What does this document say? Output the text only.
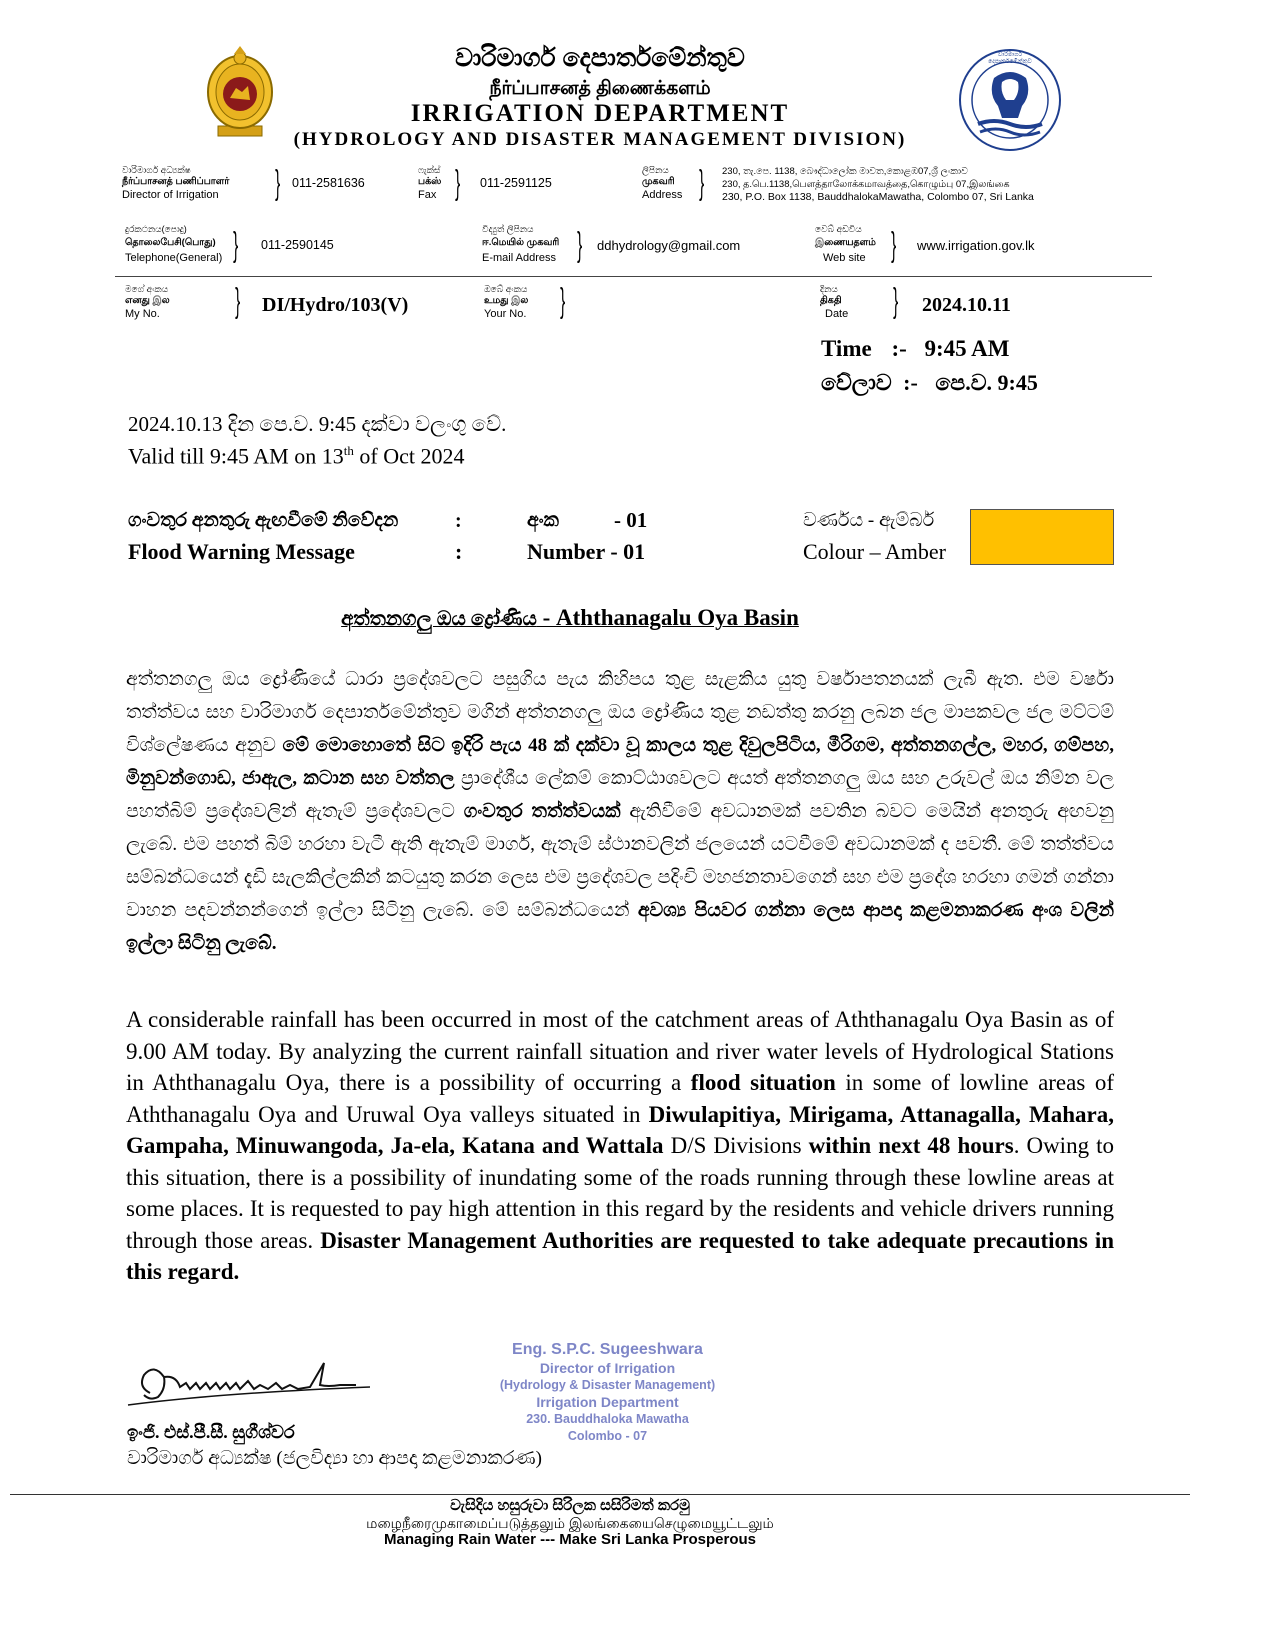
වාරිමාර්ග දෙපාර්තමේන්තුව
நீர்ப்பாசனத் திணைக்களம்
IRRIGATION DEPARTMENT
(HYDROLOGY AND DISASTER MANAGEMENT DIVISION)
වාරිමාර්ග දෙපාර්තමේන්තුව
වාරිමාර්ග අධ්‍යක්ෂ
நீர்ப்பாசனத் பணிப்பாளர்
Director of Irrigation	} 011-2581636
ෆැක්ස්
பக்ஸ்
Fax } 011-2591125
ලිපිනය
முகவரி
Address } 230, තැ.පෙ. 1138, බෞද්ධාලෝක මාවත,කොළඹ07,ශ්‍රී ලංකාව
230, த.பெ.1138,பௌத்தாலோக்கமாவத்தை,கொழும்பு 07,இலங்கை
230, P.O. Box 1138, BauddhalokaMawatha, Colombo 07, Sri Lanka
දුරකථනය(පොදු)
தொலைபேசி(பொது)
Telephone(General) } 011-2590145
විද්‍යුත් ලිපිනය
ஈ.மெயில் முகவரி
E-mail Address } ddhydrology@gmail.com
වෙබ් අඩවිය
இணையதளம்
Web site } www.irrigation.gov.lk
මගේ අංකය
எனது இல
My No.	} DI/Hydro/103(V)
ඔබේ අංකය
உமது இல
Your No. }	දිනය
திகதி
Date	} 2024.10.11
Time :- 9:45 AM
වේලාව :- පෙ.ව. 9:45
2024.10.13 දින පෙ.ව. 9:45 දක්වා වලංගු වේ.
Valid till 9:45 AM on 13th of Oct 2024
ගංවතුර අනතුරු ඇඟවීමේ නිවේදන	:	අංක	- 01	වර්ණය - ඇම්බර්
Flood Warning Message	:	Number - 01	Colour – Amber
අත්තනගලු ඔය ද්‍රෝණිය - Aththanagalu Oya Basin
අත්තනගලු ඔය ද්‍රෝණියේ ධාරා ප්‍රදේශවලට පසුගිය පැය කිහිපය තුළ සැළකිය යුතු වර්ෂාපතනයක් ලැබී ඇත. එම වර්ෂා තත්ත්වය සහ වාරිමාර්ග දෙපාර්තමේන්තුව මගින් අත්තනගලු ඔය ද්‍රෝණිය තුළ නඩත්තු කරනු ලබන ජල මාපකවල ජල මට්ටම් විශ්ලේෂණය අනුව මේ මොහොතේ සිට ඉදිරි පැය 48 ක් දක්වා වූ කාලය තුළ දිවුලපිටිය, මීරිගම, අත්තනගල්ල, මහර, ගම්පහ, මිනුවන්ගොඩ, ජාඇල, කටාන සහ වත්තල ප්‍රාදේශීය ලේකම් කොට්ඨාශවලට අයත් අත්තනගලු ඔය සහ උරුවල් ඔය නිම්න වල පහත්බිම් ප්‍රදේශවලින් ඇතැම් ප්‍රදේශවලට ගංවතුර තත්ත්වයක් ඇතිවීමේ අවධානමක් පවතින බවට මෙයින් අනතුරු අඟවනු ලැබේ. එම පහත් බිම් හරහා වැටී ඇති ඇතැම් මාර්ග, ඇතැම් ස්ථානවලින් ජලයෙන් යටවීමේ අවධානමක් ද පවතී. මේ තත්ත්වය සම්බන්ධයෙන් දැඩි සැලකිල්ලකින් කටයුතු කරන ලෙස එම ප්‍රදේශවල පදිංචි මහජනතාවගෙන් සහ එම ප්‍රදේශ හරහා ගමන් ගන්නා වාහන පදවන්නන්ගෙන් ඉල්ලා සිටිනු ලැබේ. මේ සම්බන්ධයෙන් අවශ්‍ය පියවර ගන්නා ලෙස ආපදා කළමනාකරණ අංශ වලින් ඉල්ලා සිටිනු ලැබේ.
A considerable rainfall has been occurred in most of the catchment areas of Aththanagalu Oya Basin as of 9.00 AM today. By analyzing the current rainfall situation and river water levels of Hydrological Stations in Aththanagalu Oya, there is a possibility of occurring a flood situation in some of lowline areas of Aththanagalu Oya and Uruwal Oya valleys situated in Diwulapitiya, Mirigama, Attanagalla, Mahara, Gampaha, Minuwangoda, Ja-ela, Katana and Wattala D/S Divisions within next 48 hours. Owing to this situation, there is a possibility of inundating some of the roads running through these lowline areas at some places. It is requested to pay high attention in this regard by the residents and vehicle drivers running through those areas. Disaster Management Authorities are requested to take adequate precautions in this regard.
Eng. S.P.C. Sugeeshwara
Director of Irrigation
(Hydrology & Disaster Management)
Irrigation Department
230. Bauddhaloka Mawatha
Colombo - 07
ඉංජි. එස්.පී.සී. සුගීශ්වර
වාරිමාර්ග අධ්‍යක්ෂ (ජලවිද්‍යා හා ආපදා කළමනාකරණ)
වැසිදිය හසුරුවා සිරිලක සසිරිමත් කරමු
மழைநீரைமுகாமைப்படுத்தலும் இலங்கையைசெழுமையூட்டலும்
Managing Rain Water --- Make Sri Lanka Prosperous
